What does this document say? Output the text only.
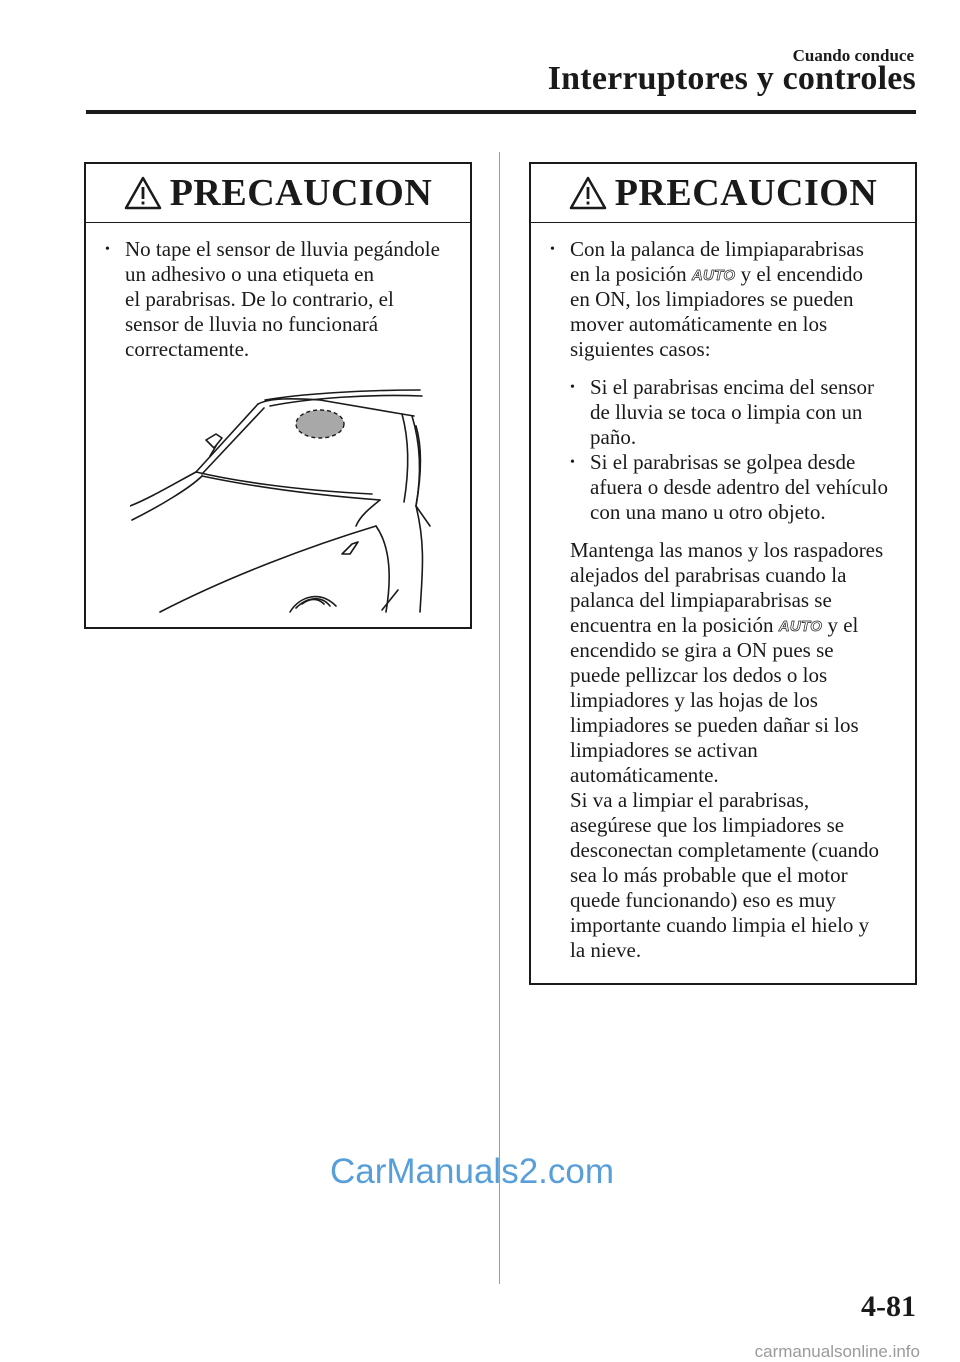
Cuando conduce
Interruptores y controles
PRECAUCION
• No tape el sensor de lluvia pegándole
un adhesivo o una etiqueta en
el parabrisas. De lo contrario, el
sensor de lluvia no funcionará
correctamente.
PRECAUCION
• Con la palanca de limpiaparabrisas
en la posición AUTO y el encendido
en ON, los limpiadores se pueden
mover automáticamente en los
siguientes casos:
• Si el parabrisas encima del sensor
de lluvia se toca o limpia con un
paño.
• Si el parabrisas se golpea desde
afuera o desde adentro del vehículo
con una mano u otro objeto.
Mantenga las manos y los raspadores
alejados del parabrisas cuando la
palanca del limpiaparabrisas se
encuentra en la posición AUTO y el
encendido se gira a ON pues se
puede pellizcar los dedos o los
limpiadores y las hojas de los
limpiadores se pueden dañar si los
limpiadores se activan
automáticamente.
Si va a limpiar el parabrisas,
asegúrese que los limpiadores se
desconectan completamente (cuando
sea lo más probable que el motor
quede funcionando) eso es muy
importante cuando limpia el hielo y
la nieve.
CarManuals2.com
4-81
carmanualsonline.info
